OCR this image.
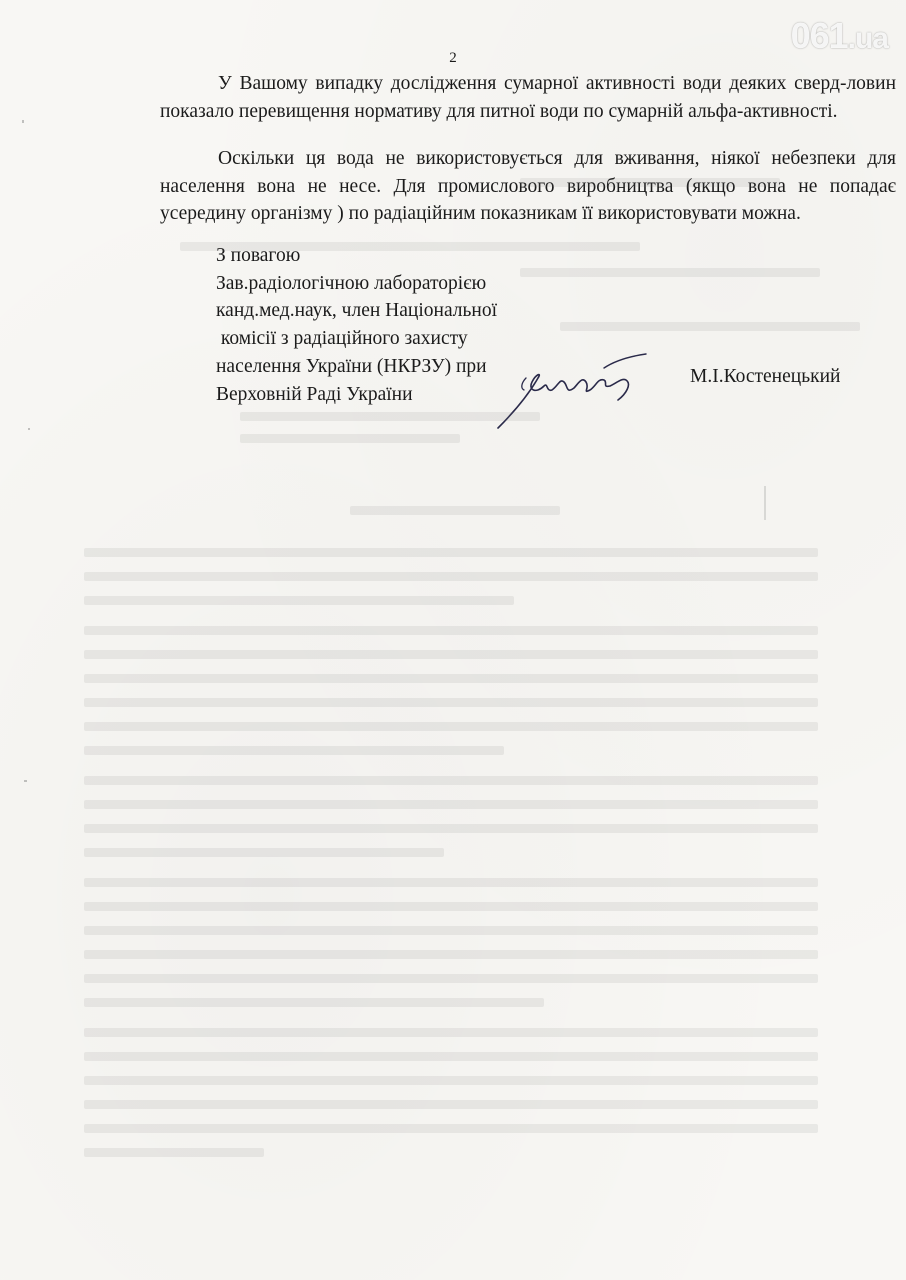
061.ua
2

У Вашому випадку дослідження сумарної активності води деяких сверд-ловин показало перевищення нормативу для питної води по сумарній альфа-активності.

Оскільки ця вода не використовується для вживання, ніякої небезпеки для населення вона не несе. Для промислового виробництва (якщо вона не попадає усередину організму ) по радіаційним показникам її використовувати можна.

З повагою
Зав.радіологічною лабораторією
канд.мед.наук, член Національної
комісії з радіаційного захисту
населення України (НКРЗУ) при
Верховній Раді України
М.І.Костенецький
